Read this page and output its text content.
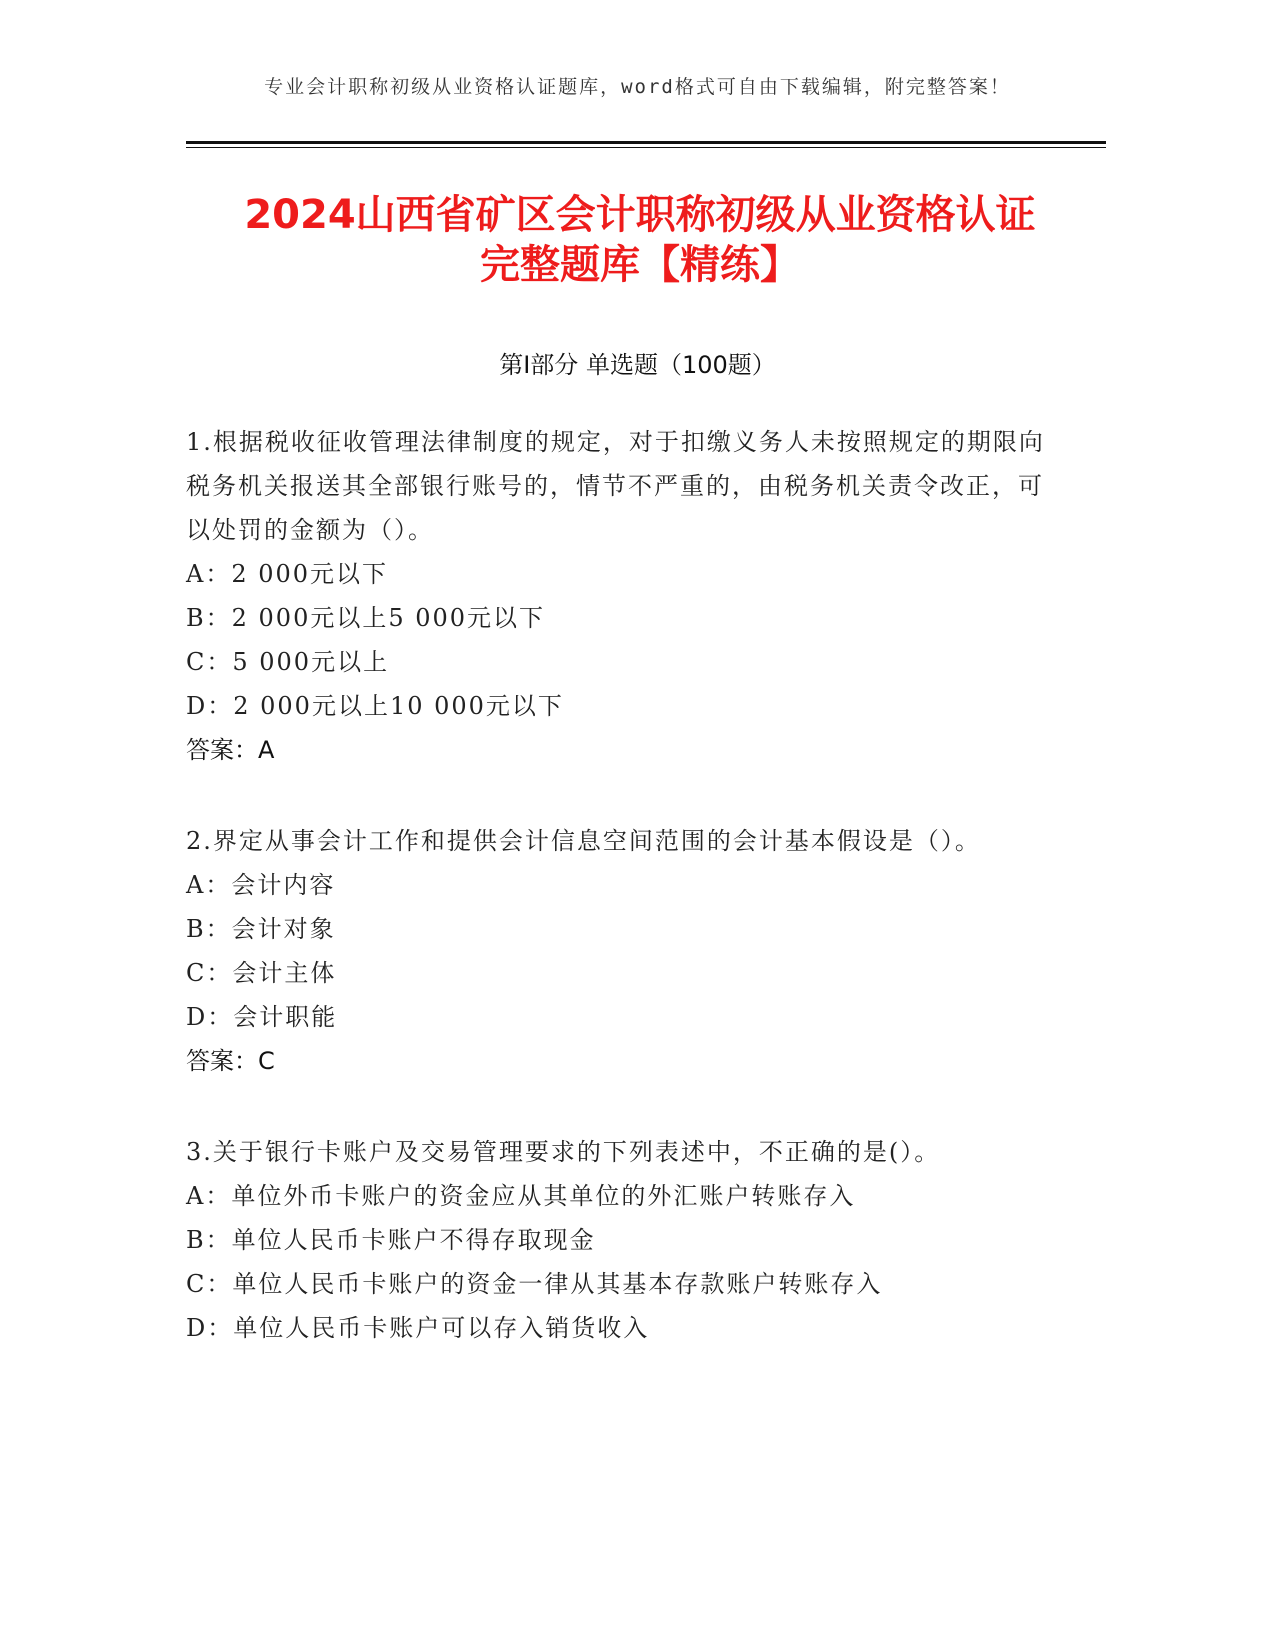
专业会计职称初级从业资格认证题库，word格式可自由下载编辑，附完整答案！
2024山西省矿区会计职称初级从业资格认证
完整题库【精练】
第Ⅰ部分 单选题（100题）

1.根据税收征收管理法律制度的规定，对于扣缴义务人未按照规定的期限向税务机关报送其全部银行账号的，情节不严重的，由税务机关责令改正，可以处罚的金额为（）。

A：2 000元以下

B：2 000元以上5 000元以下

C：5 000元以上

D：2 000元以上10 000元以下

答案：A

2.界定从事会计工作和提供会计信息空间范围的会计基本假设是（）。

A：会计内容

B：会计对象

C：会计主体

D：会计职能

答案：C

3.关于银行卡账户及交易管理要求的下列表述中，不正确的是(）。

A：单位外币卡账户的资金应从其单位的外汇账户转账存入

B：单位人民币卡账户不得存取现金

C：单位人民币卡账户的资金一律从其基本存款账户转账存入

D：单位人民币卡账户可以存入销货收入
